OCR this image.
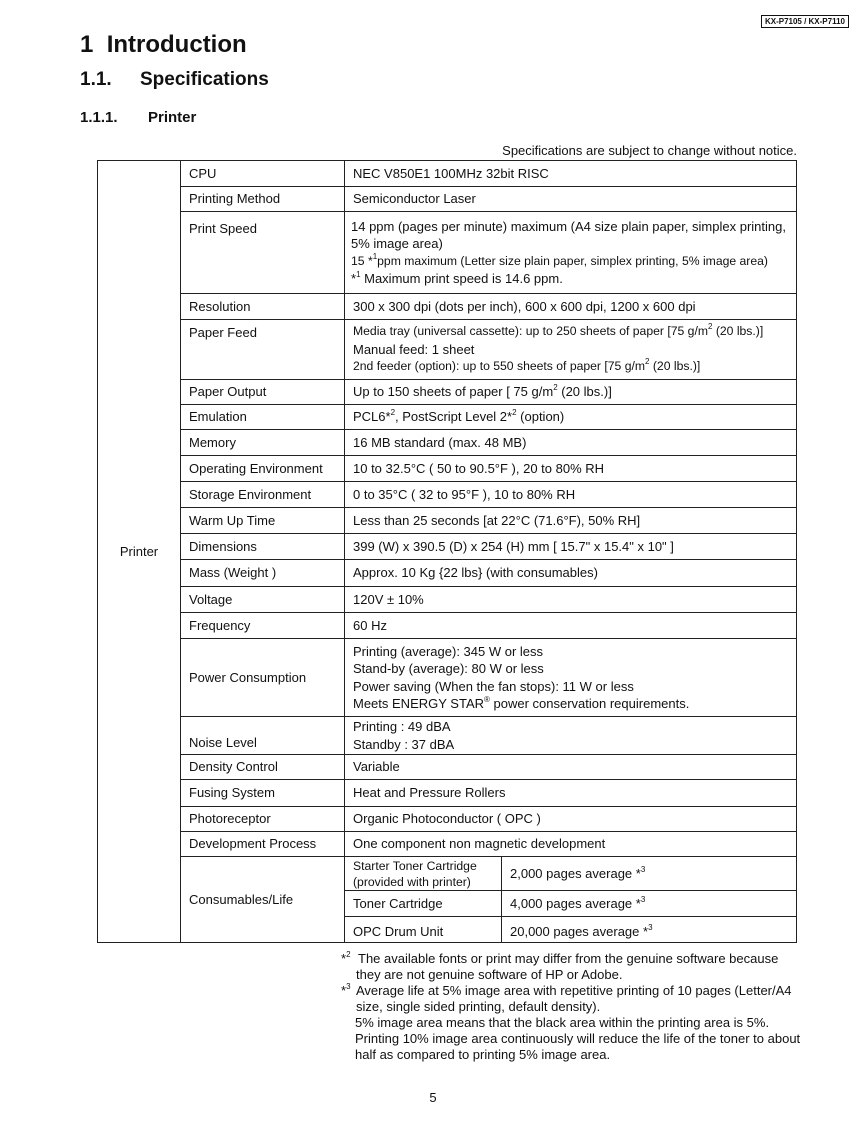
KX-P7105 / KX-P7110
1 Introduction
1.1. Specifications
1.1.1. Printer
Specifications are subject to change without notice.
Printer	CPU	NEC V850E1 100MHz 32bit RISC	
	Printing Method	Semiconductor Laser	
	Print Speed	14 ppm (pages per minute) maximum (A4 size plain paper, simplex printing, 5% image area)
15 *$^1$ppm maximum (Letter size plain paper, simplex printing, 5% image area)
*$^1$ Maximum print speed is 14.6 ppm.	

	Resolution	300 x 300 dpi (dots per inch), 600 x 600 dpi, 1200 x 600 dpi	
	Paper Feed	Media tray (universal cassette): up to 250 sheets of paper [75 $g/m^2$ (20 lbs.)]
Manual feed: 1 sheet
2nd feeder (option): up to 550 sheets of paper [75 $g/m^2$ (20 lbs.)]	

	Paper Output	Up to 150 sheets of paper [ 75 $g/m^2$ (20 lbs.)]	
	Emulation	PCL6*$^2$, PostScript Level 2*$^2$ (option)	
	Memory	16 MB standard (max. 48 MB)	
	Operating Environment	10 to 32.5°C ( 50 to 90.5°F ), 20 to 80% RH	
	Storage Environment	0 to 35°C ( 32 to 95°F ), 10 to 80% RH	
	Warm Up Time	Less than 25 seconds [at 22°C (71.6°F), 50% RH]	
	Dimensions	399 (W) x 390.5 (D) x 254 (H) mm [ 15.7" x 15.4" x 10" ]	
	Mass (Weight )	Approx. 10 Kg {22 lbs} (with consumables)	
	Voltage	120V ± 10%	
	Frequency	60 Hz	
	Power Consumption	Printing (average): 345 W or less
Stand-by (average): 80 W or less
Power saving (When the fan stops): 11 W or less
Meets ENERGY STAR® power conservation requirements.	

	Noise Level	Printing : 49 dBA
Standby : 37 dBA	

	Density Control	Variable	
	Fusing System	Heat and Pressure Rollers	
	Photoreceptor	Organic Photoconductor ( OPC )	
	Development Process	One component non magnetic development	
	Consumables/Life	Starter Toner Cartridge
(provided with printer)	2,000 pages average *$^3$
		Toner Cartridge	4,000 pages average *$^3$
		OPC Drum Unit	20,000 pages average *$^3$
*$^2$ The available fonts or print may differ from the genuine software because they are not genuine software of HP or Adobe.
*$^3$ Average life at 5% image area with repetitive printing of 10 pages (Letter/A4 size, single sided printing, default density).
5% image area means that the black area within the printing area is 5%. Printing 10% image area continuously will reduce the life of the toner to about half as compared to printing 5% image area.
5
